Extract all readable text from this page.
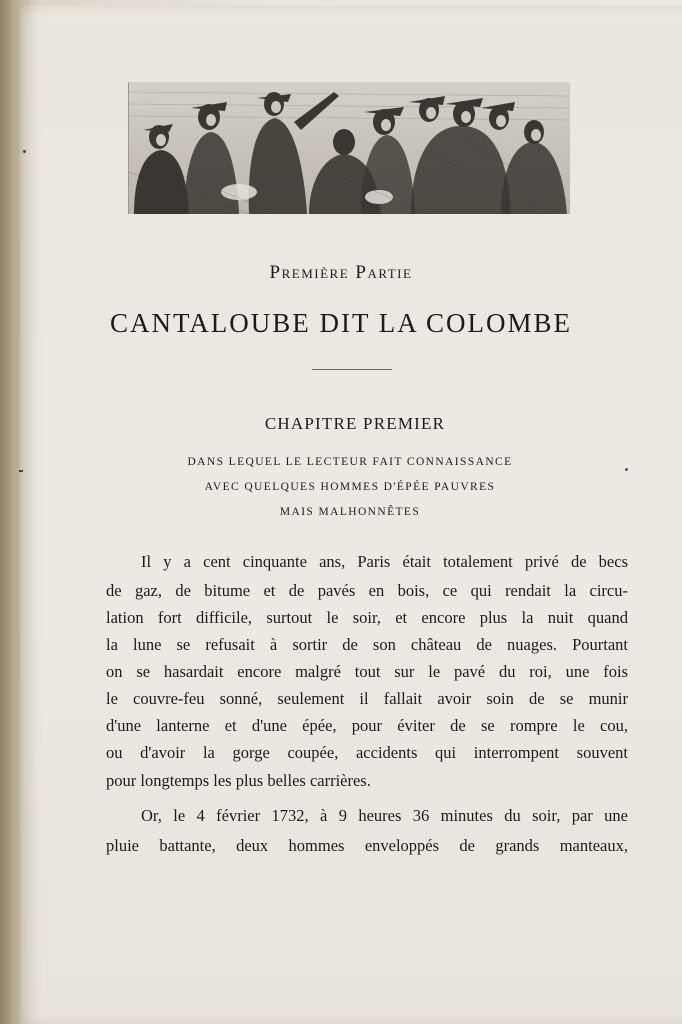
Première Partie
CANTALOUBE DIT LA COLOMBE
CHAPITRE PREMIER
DANS LEQUEL LE LECTEUR FAIT CONNAISSANCE
AVEC QUELQUES HOMMES D'ÉPÉE PAUVRES
MAIS MALHONNÊTES
Il y a cent cinquante ans, Paris était totalement privé de becs
de gaz, de bitume et de pavés en bois, ce qui rendait la circu-
lation fort difficile, surtout le soir, et encore plus la nuit quand
la lune se refusait à sortir de son château de nuages. Pourtant
on se hasardait encore malgré tout sur le pavé du roi, une fois
le couvre-feu sonné, seulement il fallait avoir soin de se munir
d'une lanterne et d'une épée, pour éviter de se rompre le cou,
ou d'avoir la gorge coupée, accidents qui interrompent souvent
pour longtemps les plus belles carrières.
Or, le 4 février 1732, à 9 heures 36 minutes du soir, par une
pluie battante, deux hommes enveloppés de grands manteaux,
